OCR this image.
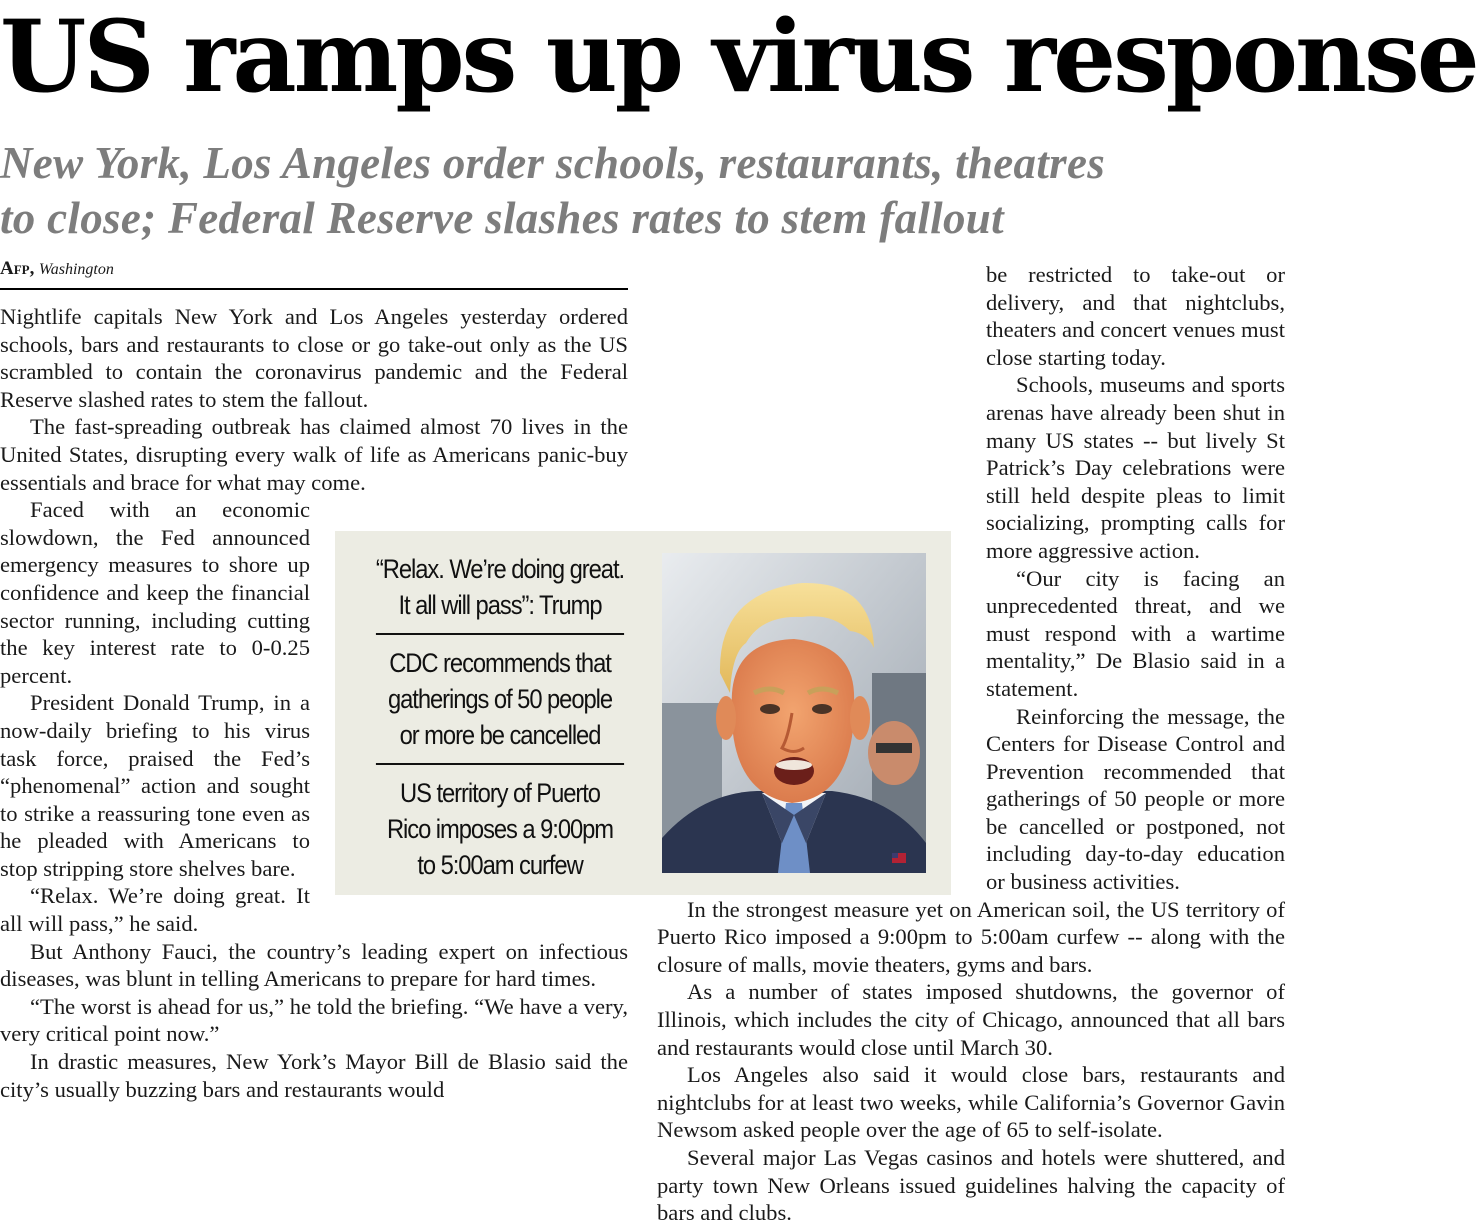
US ramps up virus response
New York, Los Angeles order schools, restaurants, theatres
to close; Federal Reserve slashes rates to stem fallout
Afp, Washington

Nightlife capitals New York and Los Angeles yesterday ordered schools, bars and restaurants to close or go take-out only as the US scrambled to contain the coronavirus pandemic and the Federal Reserve slashed rates to stem the fallout.

The fast-spreading outbreak has claimed almost 70 lives in the United States, disrupting every walk of life as Americans panic-buy essentials and brace for what may come.

Faced with an economic slowdown, the Fed announced emergency measures to shore up confidence and keep the financial sector running, including cutting the key interest rate to 0-0.25 percent.

President Donald Trump, in a now-daily briefing to his virus task force, praised the Fed’s “phenomenal” action and sought to strike a reassuring tone even as he pleaded with Americans to stop stripping store shelves bare.

“Relax. We’re doing great. It all will pass,” he said.

But Anthony Fauci, the country’s leading expert on infectious diseases, was blunt in telling Americans to prepare for hard times.

“The worst is ahead for us,” he told the briefing. “We have a very, very critical point now.”

In drastic measures, New York’s Mayor Bill de Blasio said the city’s usually buzzing bars and restaurants would

be restricted to take-out or delivery, and that nightclubs, theaters and concert venues must close starting today.

Schools, museums and sports arenas have already been shut in many US states -- but lively St Patrick’s Day celebrations were still held despite pleas to limit socializing, prompting calls for more aggressive action.

“Our city is facing an unprecedented threat, and we must respond with a wartime mentality,” De Blasio said in a statement.

Reinforcing the message, the Centers for Disease Control and Prevention recommended that gatherings of 50 people or more be cancelled or postponed, not including day-to-day education or business activities.

In the strongest measure yet on American soil, the US territory of Puerto Rico imposed a 9:00pm to 5:00am curfew -- along with the closure of malls, movie theaters, gyms and bars.

As a number of states imposed shutdowns, the governor of Illinois, which includes the city of Chicago, announced that all bars and restaurants would close until March 30.

Los Angeles also said it would close bars, restaurants and nightclubs for at least two weeks, while California’s Governor Gavin Newsom asked people over the age of 65 to self-isolate.

Several major Las Vegas casinos and hotels were shuttered, and party town New Orleans issued guidelines halving the capacity of bars and clubs.

“Relax. We’re doing great. It all will pass”: Trump
CDC recommends that gatherings of 50 people or more be cancelled
US territory of Puerto Rico imposes a 9:00pm to 5:00am curfew
